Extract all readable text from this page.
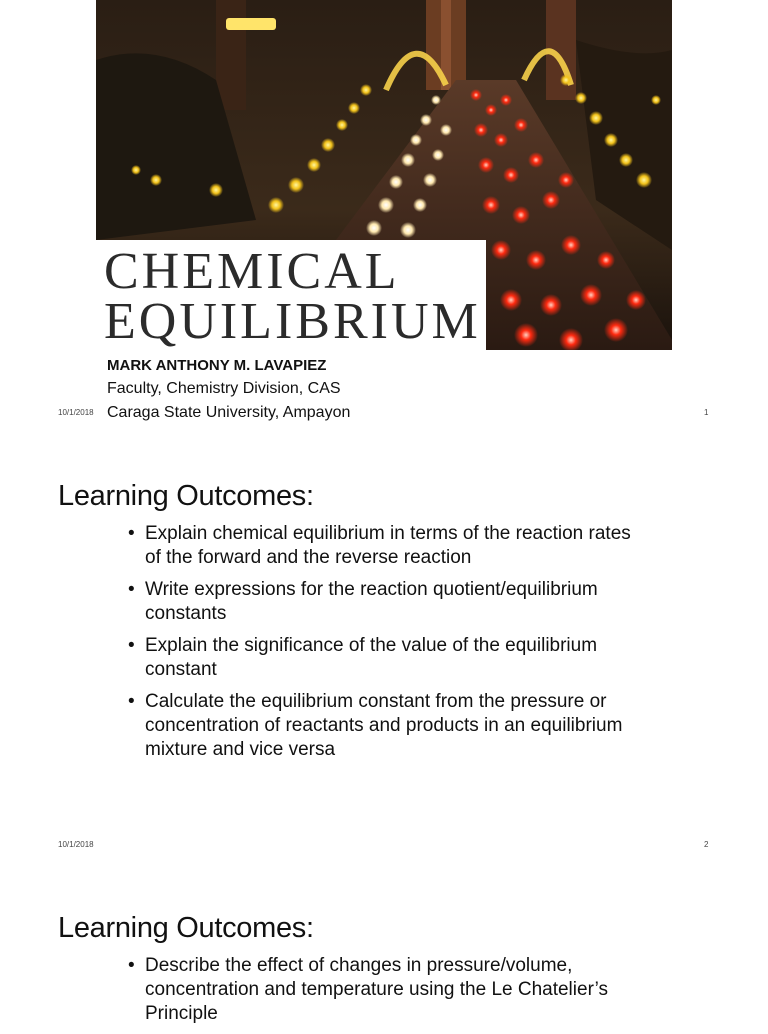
CHEMICAL
EQUILIBRIUM
MARK ANTHONY M. LAVAPIEZ
Faculty, Chemistry Division, CAS
Caraga State University, Ampayon
10/1/2018	1
Learning Outcomes:
• Explain chemical equilibrium in terms of the reaction rates of the forward and the reverse reaction
• Write expressions for the reaction quotient/equilibrium constants
• Explain the significance of the value of the equilibrium constant
• Calculate the equilibrium constant from the pressure or concentration of reactants and products in an equilibrium mixture and vice versa
10/1/2018	2
Learning Outcomes:
• Describe the effect of changes in pressure/volume, concentration and temperature using the Le Chatelier’s Principle
